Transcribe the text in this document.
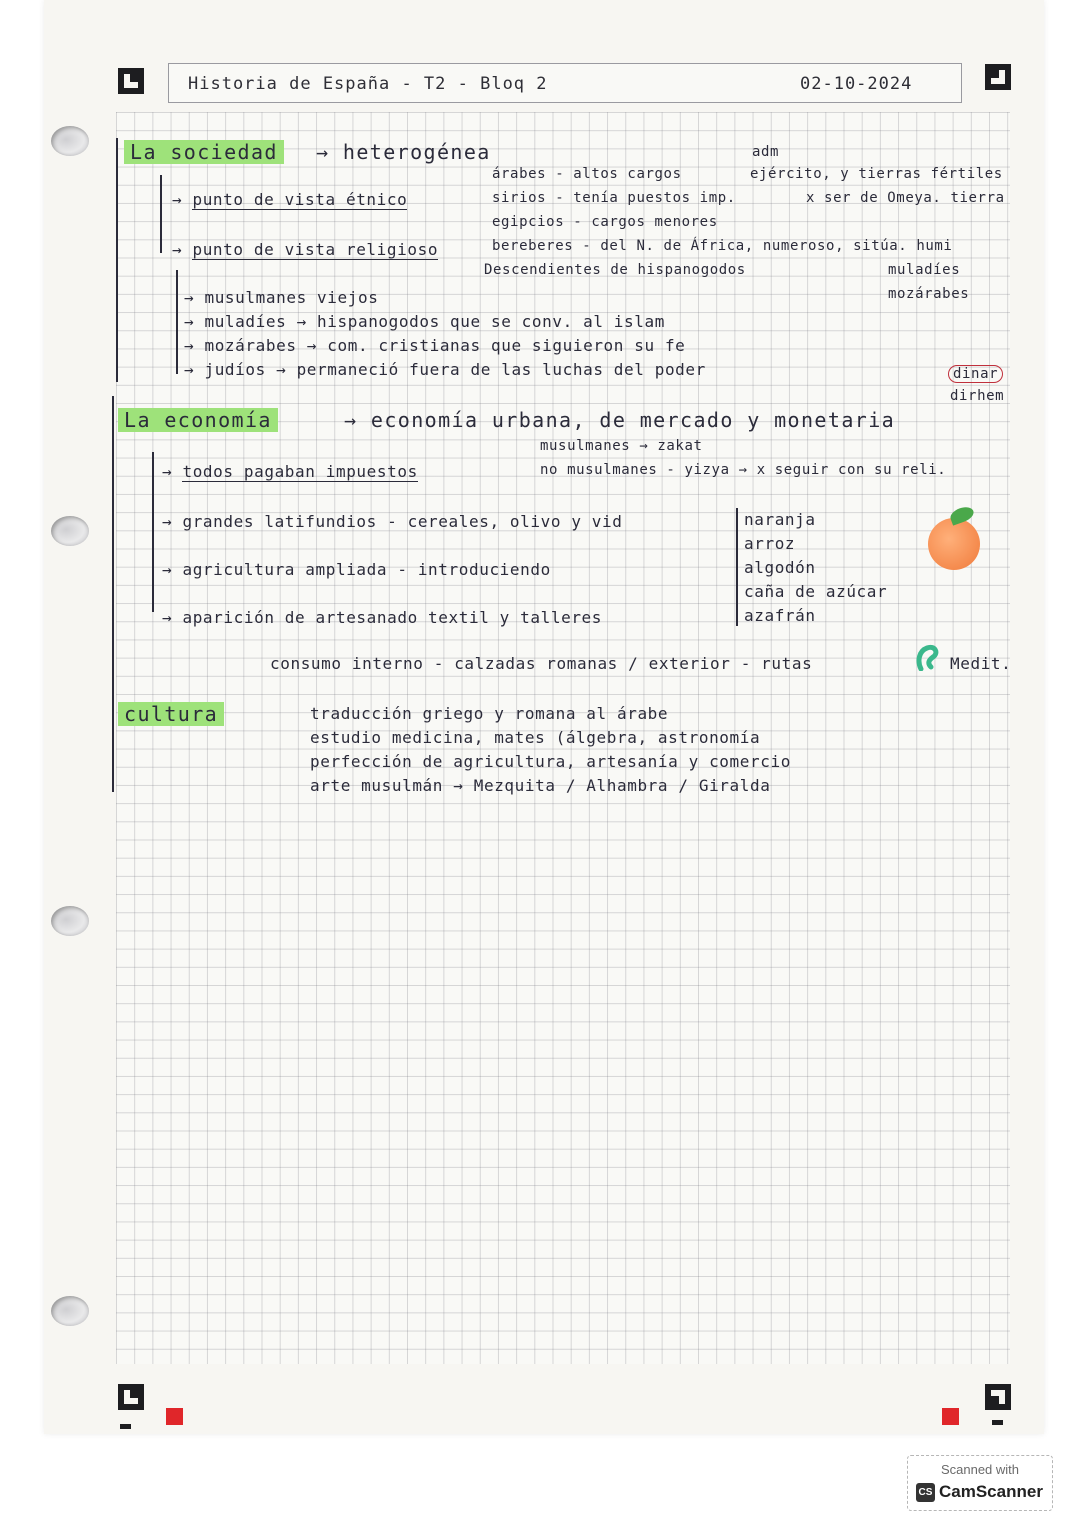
Historia de España - T2 - Bloq 2	02-10-2024
La sociedad	→ heterogénea
→ punto de vista étnico
→ punto de vista religioso
adm
árabes - altos cargos	ejército, y tierras fértiles
sirios - tenía puestos imp.	x ser de Omeya. tierra
egipcios - cargos menores
bereberes - del N. de África, numeroso, sitúa. humi
Descendientes de hispanogodos	muladíes
mozárabes
→ musulmanes viejos
→ muladíes → hispanogodos que se conv. al islam
→ mozárabes → com. cristianas que siguieron su fe
→ judíos → permaneció fuera de las luchas del poder
La economía	→ economía urbana, de mercado y monetaria
dinar
dirhem
→ todos pagaban impuestos
musulmanes → zakat
no musulmanes - yizya → x seguir con su reli.
→ grandes latifundios - cereales, olivo y vid
→ agricultura ampliada - introduciendo
→ aparición de artesanado textil y talleres
naranja
arroz
algodón
caña de azúcar
azafrán
consumo interno - calzadas romanas / exterior - rutas	Medit.
cultura	traducción griego y romana al árabe
estudio medicina, mates (álgebra, astronomía
perfección de agricultura, artesanía y comercio
arte musulmán → Mezquita / Alhambra / Giralda
Scanned with
CS CamScanner
